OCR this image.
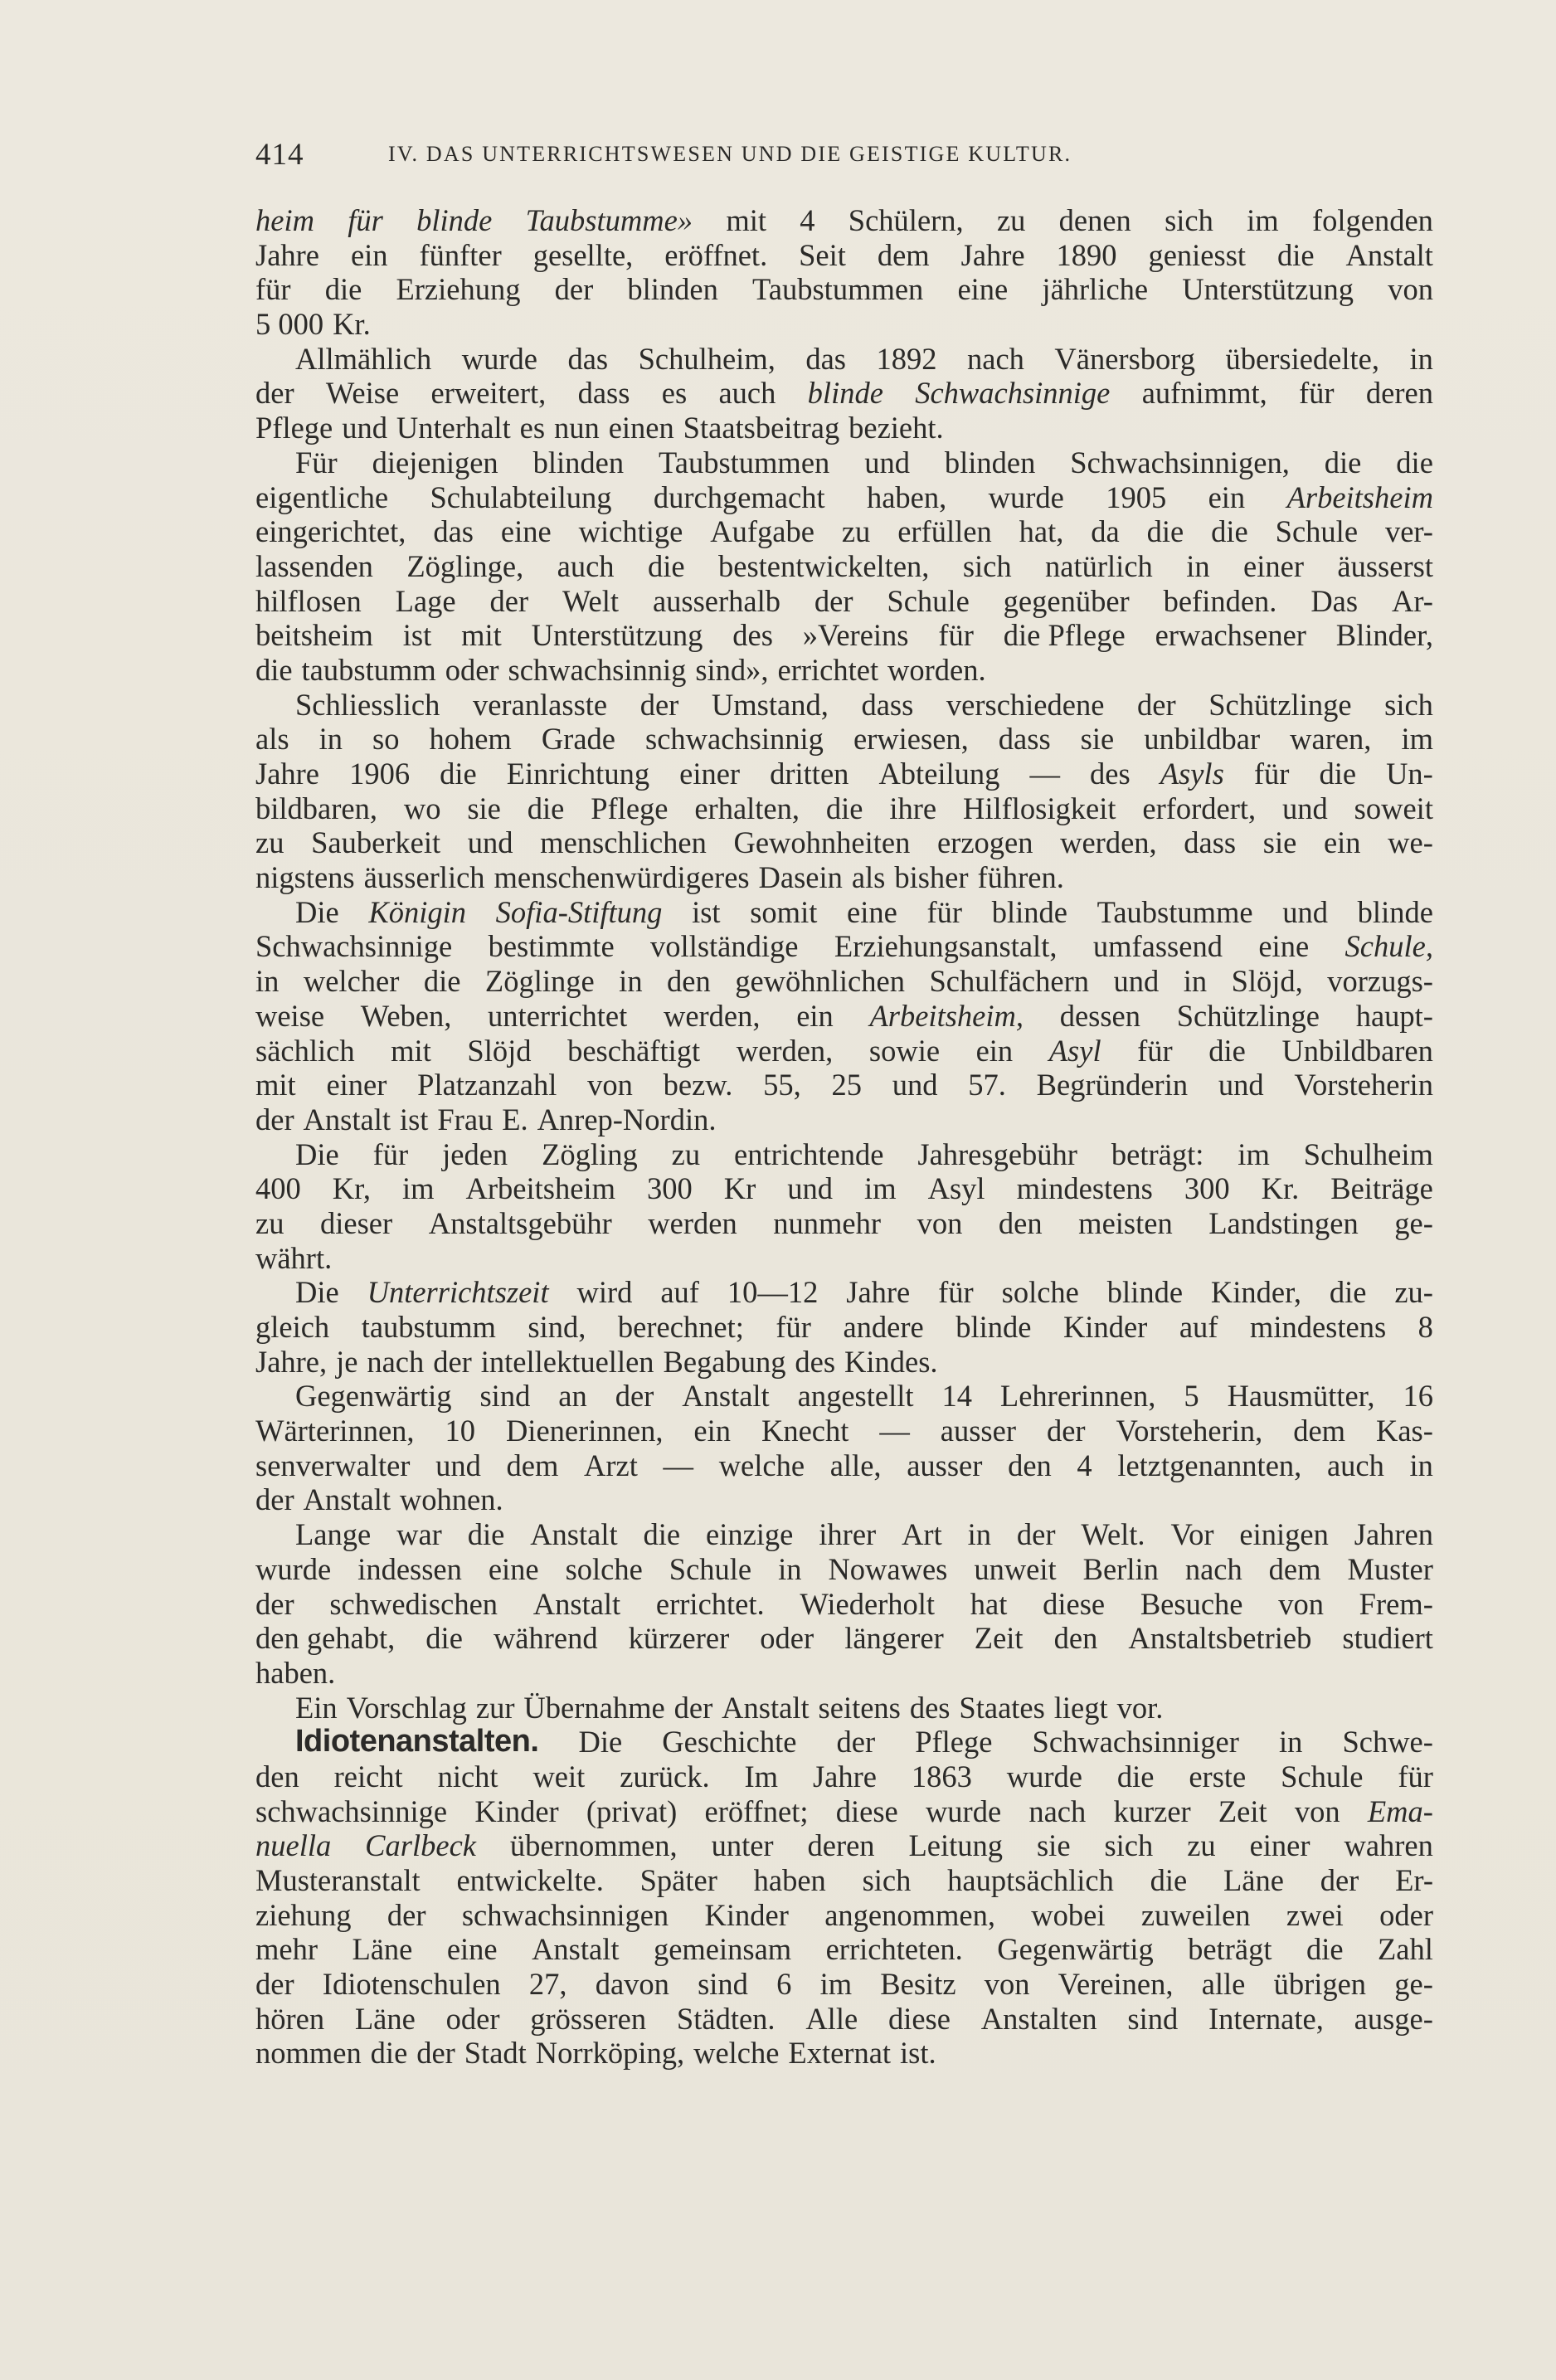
414	IV. DAS UNTERRICHTSWESEN UND DIE GEISTIGE KULTUR.
heim für blinde Taubstumme» mit 4 Schülern, zu denen sich im folgenden
Jahre ein fünfter gesellte, eröffnet. Seit dem Jahre 1890 geniesst die Anstalt
für die Erziehung der blinden Taubstummen eine jährliche Unterstützung von
5 000 Kr.
Allmählich wurde das Schulheim, das 1892 nach Vänersborg übersiedelte, in
der Weise erweitert, dass es auch blinde Schwachsinnige aufnimmt, für deren
Pflege und Unterhalt es nun einen Staatsbeitrag bezieht.
Für diejenigen blinden Taubstummen und blinden Schwachsinnigen, die die
eigentliche Schulabteilung durchgemacht haben, wurde 1905 ein Arbeitsheim
eingerichtet, das eine wichtige Aufgabe zu erfüllen hat, da die die Schule ver-
lassenden Zöglinge, auch die bestentwickelten, sich natürlich in einer äusserst
hilflosen Lage der Welt ausserhalb der Schule gegenüber befinden. Das Ar-
beitsheim ist mit Unterstützung des »Vereins für die Pflege erwachsener Blinder,
die taubstumm oder schwachsinnig sind», errichtet worden.
Schliesslich veranlasste der Umstand, dass verschiedene der Schützlinge sich
als in so hohem Grade schwachsinnig erwiesen, dass sie unbildbar waren, im
Jahre 1906 die Einrichtung einer dritten Abteilung — des Asyls für die Un-
bildbaren, wo sie die Pflege erhalten, die ihre Hilflosigkeit erfordert, und soweit
zu Sauberkeit und menschlichen Gewohnheiten erzogen werden, dass sie ein we-
nigstens äusserlich menschenwürdigeres Dasein als bisher führen.
Die Königin Sofia-Stiftung ist somit eine für blinde Taubstumme und blinde
Schwachsinnige bestimmte vollständige Erziehungsanstalt, umfassend eine Schule,
in welcher die Zöglinge in den gewöhnlichen Schulfächern und in Slöjd, vorzugs-
weise Weben, unterrichtet werden, ein Arbeitsheim, dessen Schützlinge haupt-
sächlich mit Slöjd beschäftigt werden, sowie ein Asyl für die Unbildbaren
mit einer Platzanzahl von bezw. 55, 25 und 57. Begründerin und Vorsteherin
der Anstalt ist Frau E. Anrep-Nordin.
Die für jeden Zögling zu entrichtende Jahresgebühr beträgt: im Schulheim
400 Kr, im Arbeitsheim 300 Kr und im Asyl mindestens 300 Kr. Beiträge
zu dieser Anstaltsgebühr werden nunmehr von den meisten Landstingen ge-
währt.
Die Unterrichtszeit wird auf 10—12 Jahre für solche blinde Kinder, die zu-
gleich taubstumm sind, berechnet; für andere blinde Kinder auf mindestens 8
Jahre, je nach der intellektuellen Begabung des Kindes.
Gegenwärtig sind an der Anstalt angestellt 14 Lehrerinnen, 5 Hausmütter, 16
Wärterinnen, 10 Dienerinnen, ein Knecht — ausser der Vorsteherin, dem Kas-
senverwalter und dem Arzt — welche alle, ausser den 4 letztgenannten, auch in
der Anstalt wohnen.
Lange war die Anstalt die einzige ihrer Art in der Welt. Vor einigen Jahren
wurde indessen eine solche Schule in Nowawes unweit Berlin nach dem Muster
der schwedischen Anstalt errichtet. Wiederholt hat diese Besuche von Frem-
den gehabt, die während kürzerer oder längerer Zeit den Anstaltsbetrieb studiert
haben.
Ein Vorschlag zur Übernahme der Anstalt seitens des Staates liegt vor.
Idiotenanstalten. Die Geschichte der Pflege Schwachsinniger in Schwe-
den reicht nicht weit zurück. Im Jahre 1863 wurde die erste Schule für
schwachsinnige Kinder (privat) eröffnet; diese wurde nach kurzer Zeit von Ema-
nuella Carlbeck übernommen, unter deren Leitung sie sich zu einer wahren
Musteranstalt entwickelte. Später haben sich hauptsächlich die Läne der Er-
ziehung der schwachsinnigen Kinder angenommen, wobei zuweilen zwei oder
mehr Läne eine Anstalt gemeinsam errichteten. Gegenwärtig beträgt die Zahl
der Idiotenschulen 27, davon sind 6 im Besitz von Vereinen, alle übrigen ge-
hören Läne oder grösseren Städten. Alle diese Anstalten sind Internate, ausge-
nommen die der Stadt Norrköping, welche Externat ist.
